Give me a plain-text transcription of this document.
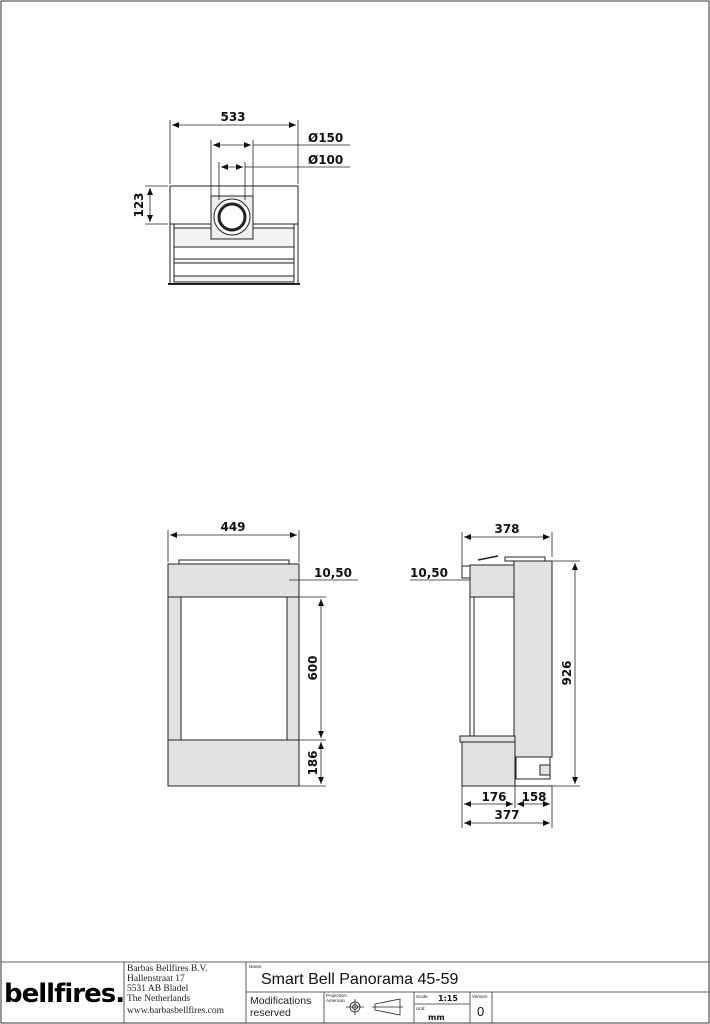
533
Ø150
Ø100
123
449
10,50
600
186
378
10,50
926
176 158
377
bellfires.
Barbas Bellfires B.V.
Hallenstraat 17
5531 AB Bladel
The Netherlands
www.barbasbellfires.com
Name:
Smart Bell Panorama 45-59
Modifications
reserved
Projection:
American
Scale: 1:15
Unit:
mm
Version:
0
